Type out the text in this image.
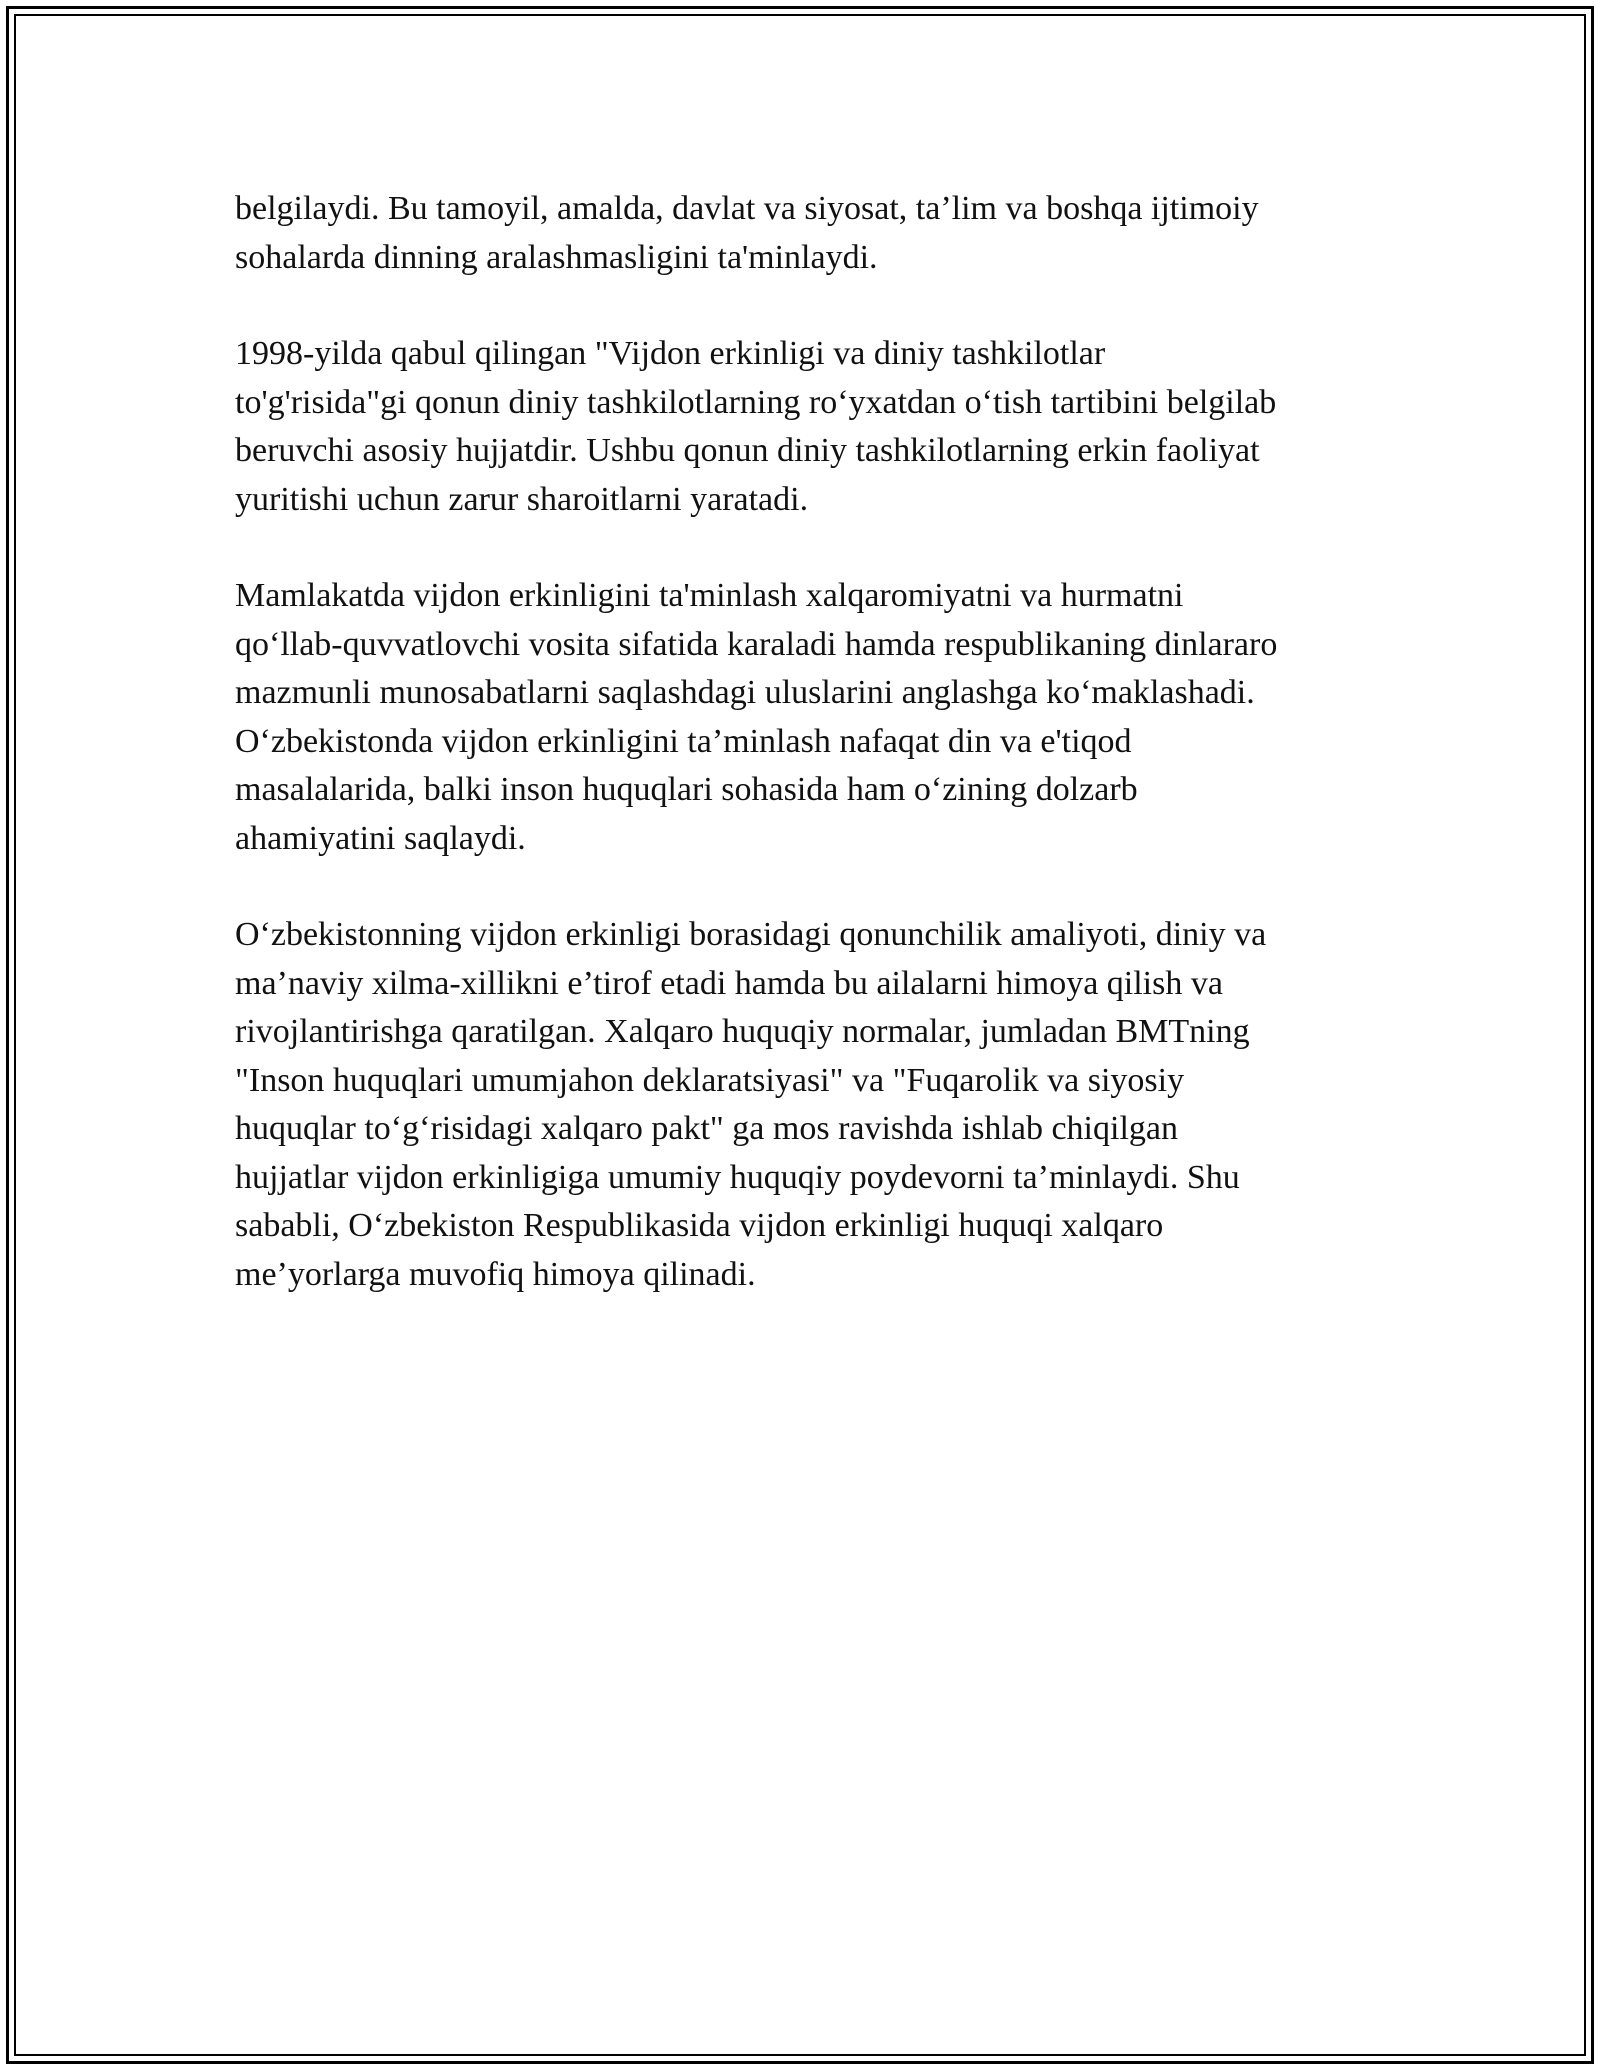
belgilaydi. Bu tamoyil, amalda, davlat va siyosat, ta’lim va boshqa ijtimoiy
sohalarda dinning aralashmasligini ta'minlaydi.

1998-yilda qabul qilingan "Vijdon erkinligi va diniy tashkilotlar
to'g'risida"gi qonun diniy tashkilotlarning ro‘yxatdan o‘tish tartibini belgilab
beruvchi asosiy hujjatdir. Ushbu qonun diniy tashkilotlarning erkin faoliyat
yuritishi uchun zarur sharoitlarni yaratadi.

Mamlakatda vijdon erkinligini ta'minlash xalqaromiyatni va hurmatni
qo‘llab-quvvatlovchi vosita sifatida karaladi hamda respublikaning dinlararo
mazmunli munosabatlarni saqlashdagi uluslarini anglashga ko‘maklashadi.
O‘zbekistonda vijdon erkinligini ta’minlash nafaqat din va e'tiqod
masalalarida, balki inson huquqlari sohasida ham o‘zining dolzarb
ahamiyatini saqlaydi.

O‘zbekistonning vijdon erkinligi borasidagi qonunchilik amaliyoti, diniy va
ma’naviy xilma-xillikni e’tirof etadi hamda bu ailalarni himoya qilish va
rivojlantirishga qaratilgan. Xalqaro huquqiy normalar, jumladan BMTning
"Inson huquqlari umumjahon deklaratsiyasi" va "Fuqarolik va siyosiy
huquqlar to‘g‘risidagi xalqaro pakt" ga mos ravishda ishlab chiqilgan
hujjatlar vijdon erkinligiga umumiy huquqiy poydevorni ta’minlaydi. Shu
sababli, O‘zbekiston Respublikasida vijdon erkinligi huquqi xalqaro
me’yorlarga muvofiq himoya qilinadi.
